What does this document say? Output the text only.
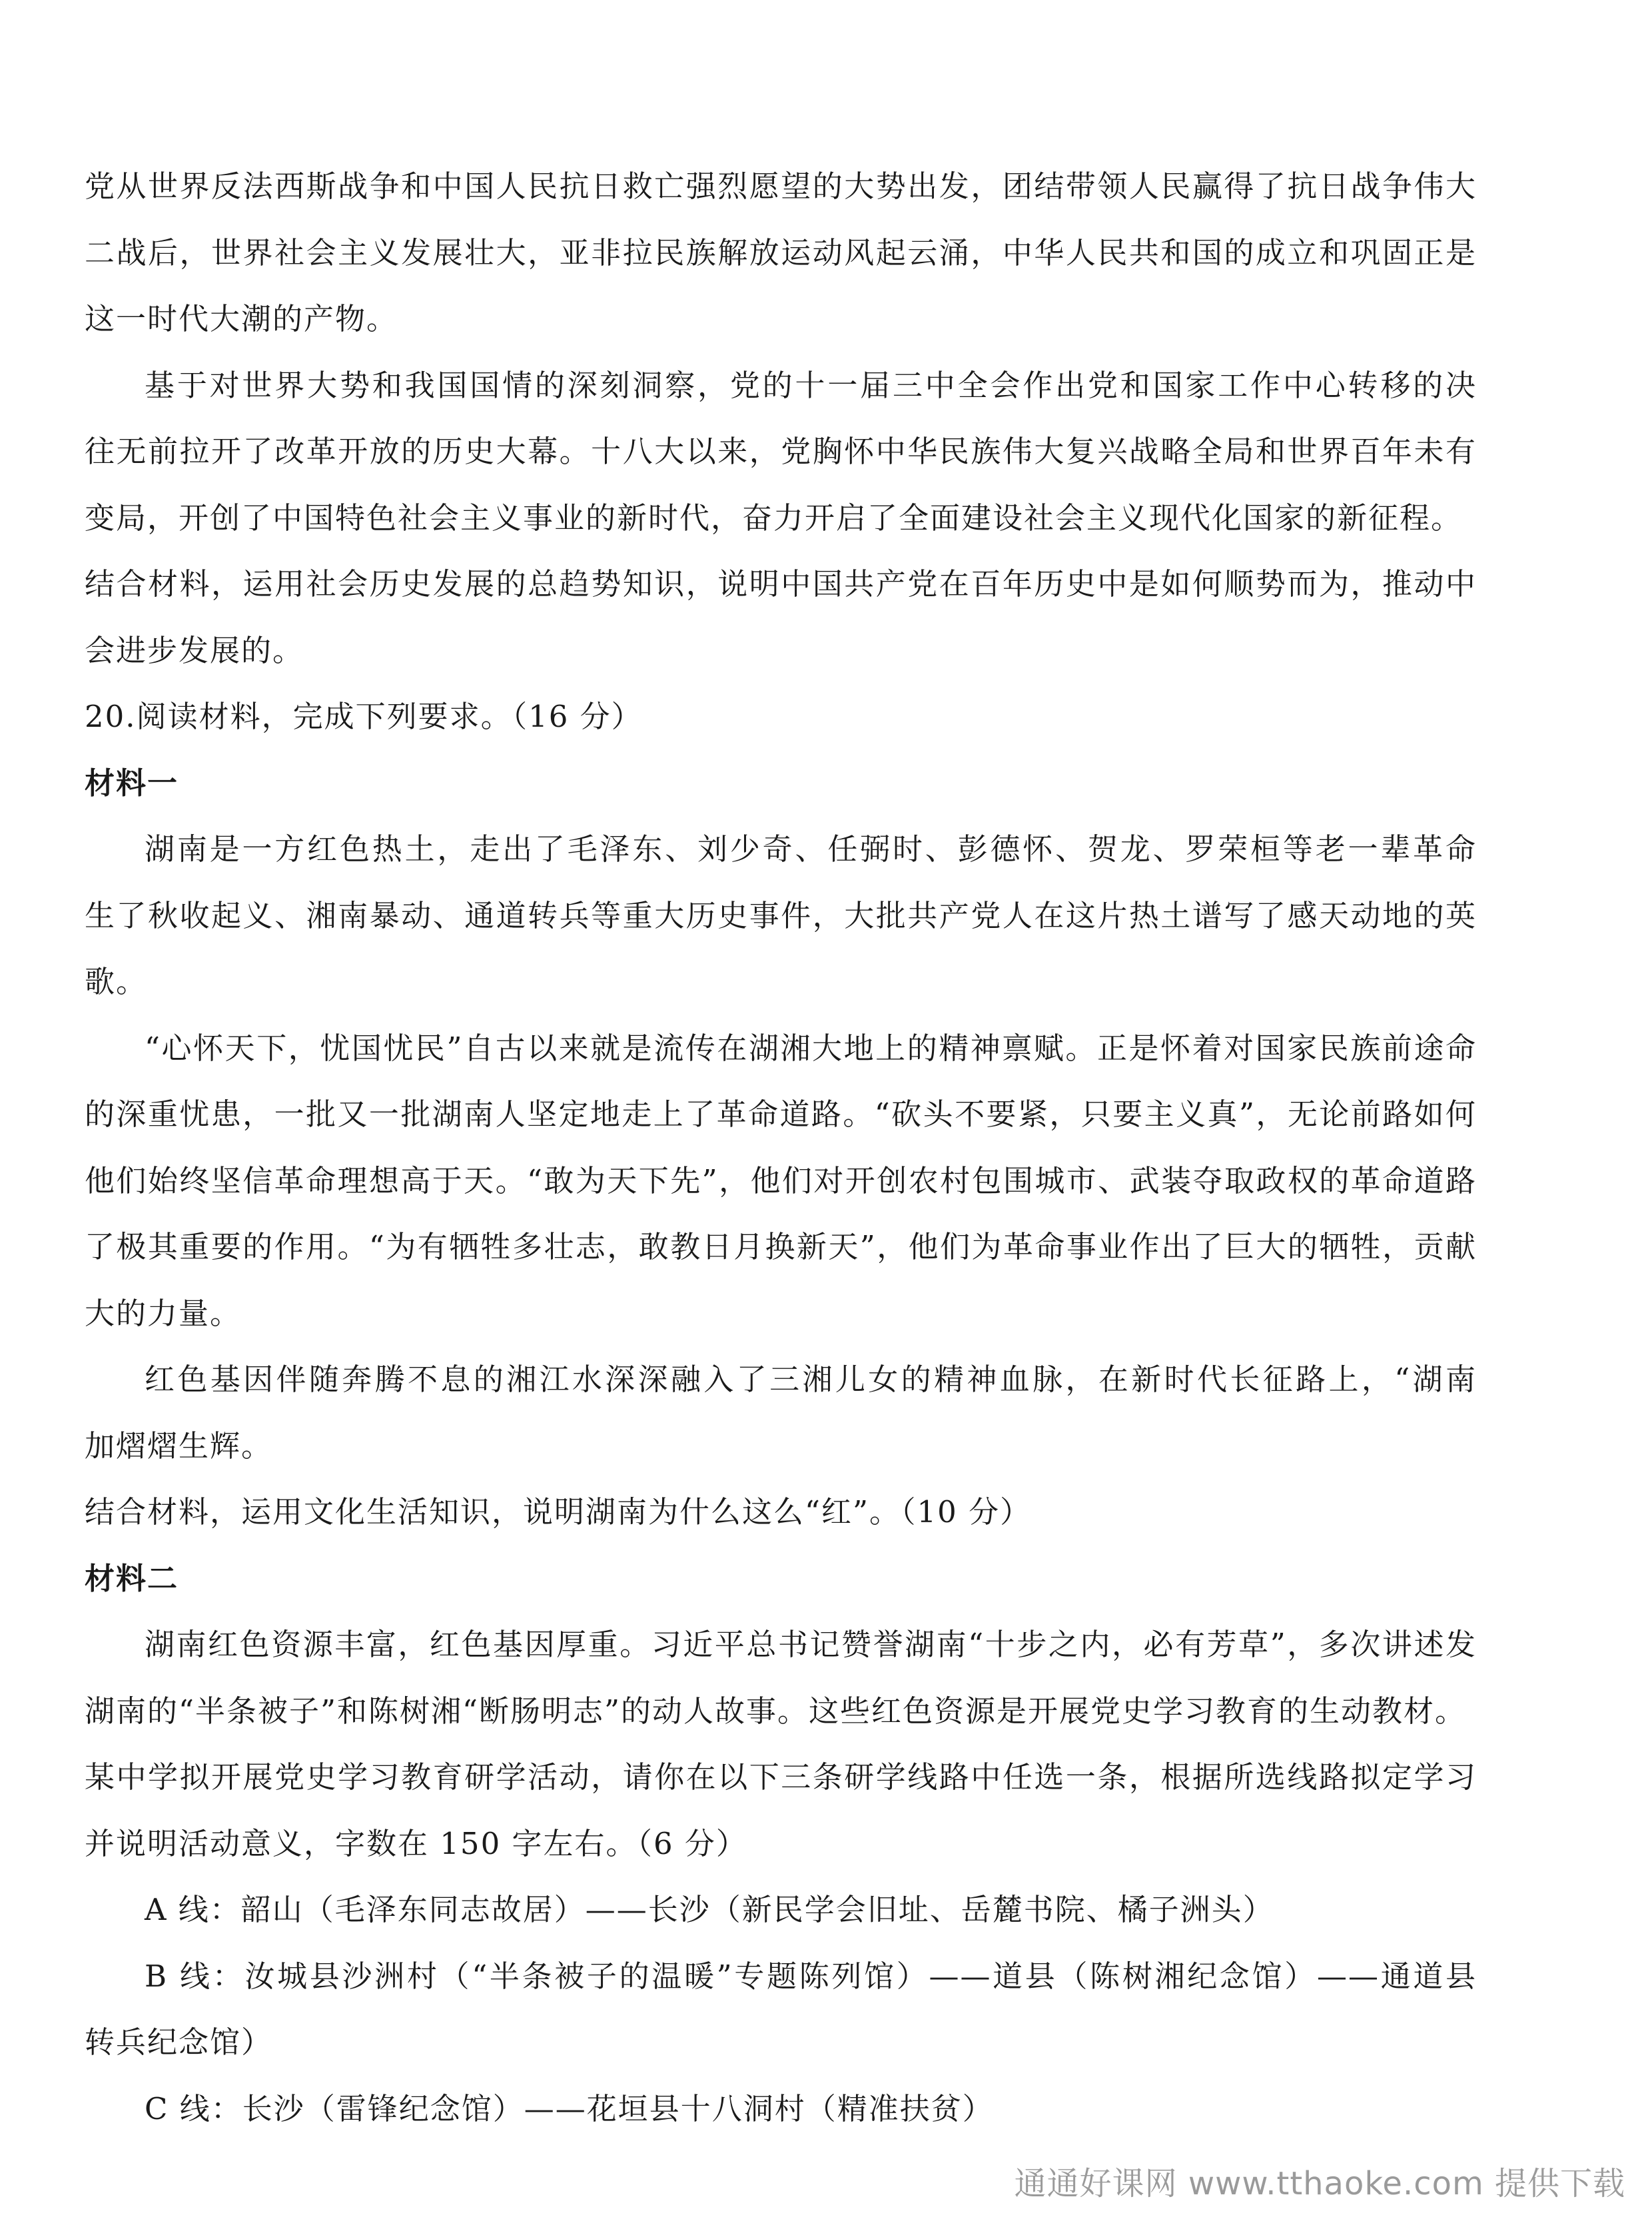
党从世界反法西斯战争和中国人民抗日救亡强烈愿望的大势出发，团结带领人民赢得了抗日战争伟大
二战后，世界社会主义发展壮大，亚非拉民族解放运动风起云涌，中华人民共和国的成立和巩固正是
这一时代大潮的产物。
基于对世界大势和我国国情的深刻洞察，党的十一届三中全会作出党和国家工作中心转移的决
往无前拉开了改革开放的历史大幕。十八大以来，党胸怀中华民族伟大复兴战略全局和世界百年未有
变局，开创了中国特色社会主义事业的新时代，奋力开启了全面建设社会主义现代化国家的新征程。
结合材料，运用社会历史发展的总趋势知识，说明中国共产党在百年历史中是如何顺势而为，推动中
会进步发展的。
20.阅读材料，完成下列要求。（16 分）
材料一
湖南是一方红色热土，走出了毛泽东、刘少奇、任弼时、彭德怀、贺龙、罗荣桓等老一辈革命
生了秋收起义、湘南暴动、通道转兵等重大历史事件，大批共产党人在这片热土谱写了感天动地的英
歌。
“心怀天下，忧国忧民”自古以来就是流传在湖湘大地上的精神禀赋。正是怀着对国家民族前途命
的深重忧患，一批又一批湖南人坚定地走上了革命道路。“砍头不要紧，只要主义真”，无论前路如何
他们始终坚信革命理想高于天。“敢为天下先”，他们对开创农村包围城市、武装夺取政权的革命道路
了极其重要的作用。“为有牺牲多壮志，敢教日月换新天”，他们为革命事业作出了巨大的牺牲，贡献
大的力量。
红色基因伴随奔腾不息的湘江水深深融入了三湘儿女的精神血脉，在新时代长征路上，“湖南
加熠熠生辉。
结合材料，运用文化生活知识，说明湖南为什么这么“红”。（10 分）
材料二
湖南红色资源丰富，红色基因厚重。习近平总书记赞誉湖南“十步之内，必有芳草”，多次讲述发
湖南的“半条被子”和陈树湘“断肠明志”的动人故事。这些红色资源是开展党史学习教育的生动教材。
某中学拟开展党史学习教育研学活动，请你在以下三条研学线路中任选一条，根据所选线路拟定学习
并说明活动意义，字数在 150 字左右。（6 分）
A 线：韶山（毛泽东同志故居）——长沙（新民学会旧址、岳麓书院、橘子洲头）
B 线：汝城县沙洲村（“半条被子的温暖”专题陈列馆）——道县（陈树湘纪念馆）——通道县
转兵纪念馆）
C 线：长沙（雷锋纪念馆）——花垣县十八洞村（精准扶贫）
通通好课网 www.tthaoke.com 提供下载
